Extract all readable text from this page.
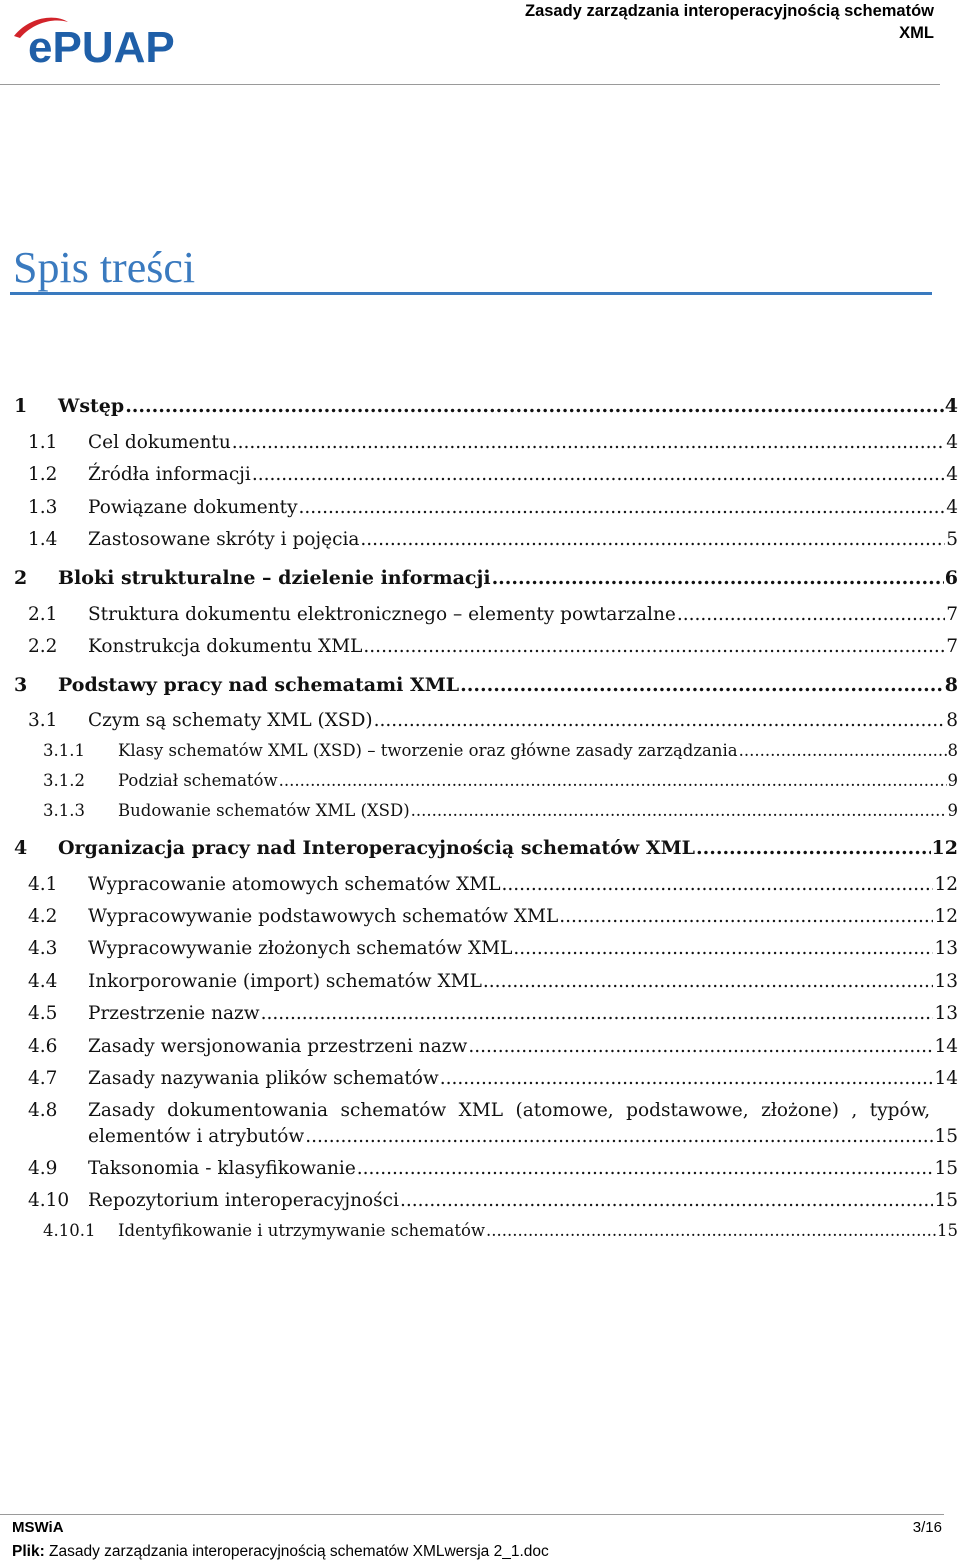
ePUAP
Zasady zarządzania interoperacyjnością schematów
XML
Spis treści
1 Wstęp .....	4
1.1 Cel dokumentu .....	4
1.2 Źródła informacji .....	4
1.3 Powiązane dokumenty .....	4
1.4 Zastosowane skróty i pojęcia .....	5
2 Bloki strukturalne – dzielenie informacji .....	6
2.1 Struktura dokumentu elektronicznego – elementy powtarzalne .....	7
2.2 Konstrukcja dokumentu XML .....	7
3 Podstawy pracy nad schematami XML .....	8
3.1 Czym są schematy XML (XSD) .....	8
3.1.1 Klasy schematów XML (XSD) – tworzenie oraz główne zasady zarządzania .....	8
3.1.2 Podział schematów .....	9
3.1.3 Budowanie schematów XML (XSD) .....	9
4 Organizacja pracy nad Interoperacyjnością schematów XML .....	12
4.1 Wypracowanie atomowych schematów XML .....	12
4.2 Wypracowywanie podstawowych schematów XML .....	12
4.3 Wypracowywanie złożonych schematów XML .....	13
4.4 Inkorporowanie (import) schematów XML .....	13
4.5 Przestrzenie nazw .....	13
4.6 Zasady wersjonowania przestrzeni nazw .....	14
4.7 Zasady nazywania plików schematów .....	14
4.8 Zasady dokumentowania schematów XML (atomowe, podstawowe, złożone) , typów,
elementów i atrybutów .....	15
4.9 Taksonomia - klasyfikowanie .....	15
4.10 Repozytorium interoperacyjności .....	15
4.10.1 Identyfikowanie i utrzymywanie schematów .....	15
MSWiA	3/16
Plik: Zasady zarządzania interoperacyjnością schematów XMLwersja 2_1.doc
